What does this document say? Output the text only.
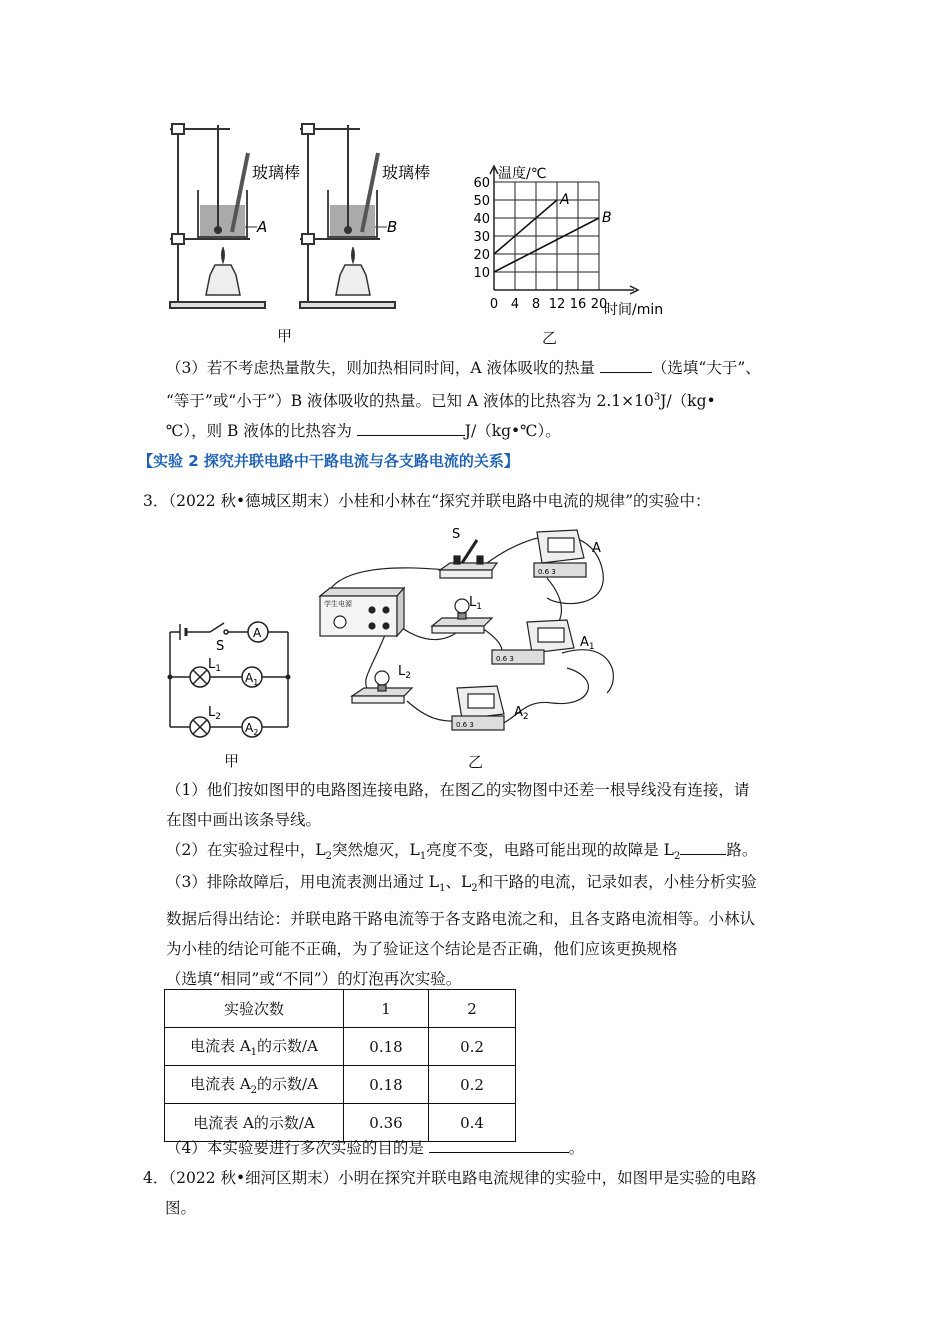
玻璃棒	玻璃棒
A	B
甲
A
B
0 4 8 12 16 20
10
20
30
40
50
60
温度/℃
时间/min
乙
（3）若不考虑热量散失，则加热相同时间，A 液体吸收的热量	（选填“大于”、
“等于”或“小于”）B 液体吸收的热量。已知 A 液体的比热容为 $2.1\times 10^3J/(kg•$
℃），则 B 液体的比热容为	J/（kg•℃）。
【实验 2 探究并联电路中干路电流与各支路电流的关系】
3．（2022 秋•德城区期末）小桂和小林在“探究并联电路中电流的规律”的实验中：
S
A
$L_1$
$A_1$
$L_2$
$A_2$
甲
学生电源
S
A
$L_1$
$A_1$
$L_2$
$A_2$
0.6 3
0.6 3
0.6 3
乙
（1）他们按如图甲的电路图连接电路，在图乙的实物图中还差一根导线没有连接，请
在图中画出该条导线。
（2）在实验过程中，$L_2$突然熄灭，$L_1$亮度不变，电路可能出现的故障是 $L_2$	路。
（3）排除故障后，用电流表测出通过 $L_1$、$L_2$和干路的电流，记录如表，小桂分析实验
数据后得出结论：并联电路干路电流等于各支路电流之和，且各支路电流相等。小林认
为小桂的结论可能不正确，为了验证这个结论是否正确，他们应该更换规格
（选填“相同”或“不同”）的灯泡再次实验。
实验次数	1	2
电流表 $A_1$的示数/A	0.18	0.2
电流表 $A_2$的示数/A	0.18	0.2
电流表 A的示数/A	0.36	0.4
（4）本实验要进行多次实验的目的是	。
4．（2022 秋•细河区期末）小明在探究并联电路电流规律的实验中，如图甲是实验的电路
图。
